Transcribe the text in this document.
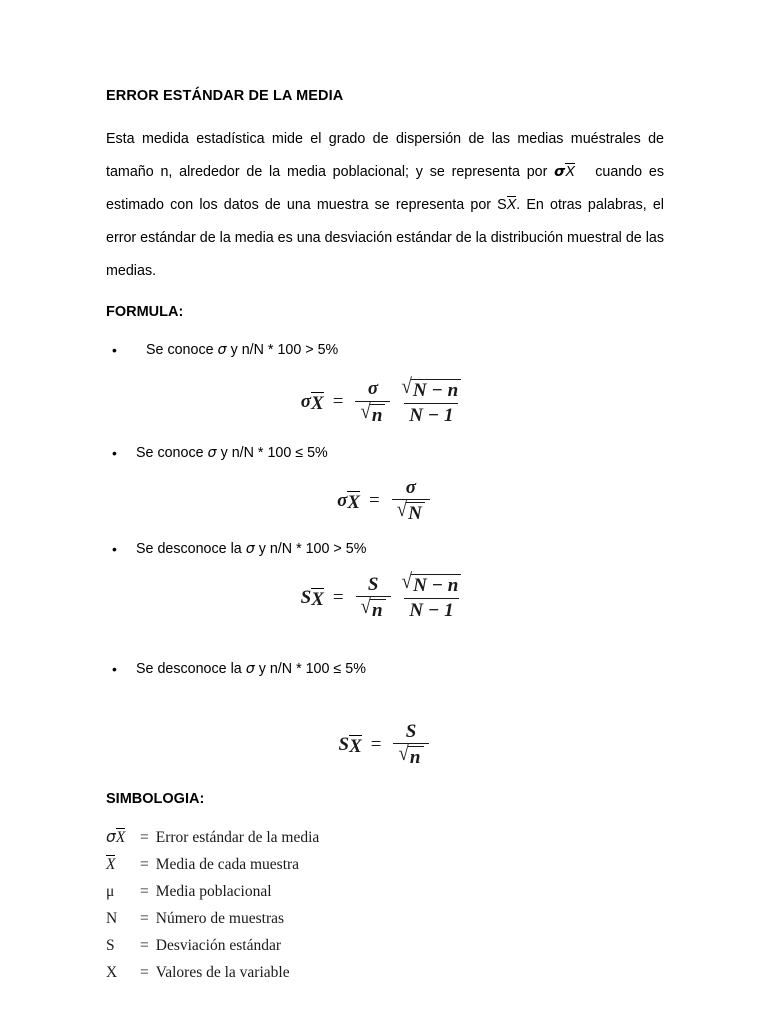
ERROR ESTÁNDAR DE LA MEDIA

Esta medida estadística mide el grado de dispersión de las medias muéstrales de tamaño n, alrededor de la media poblacional; y se representa por σX   cuando es estimado con los datos de una muestra se representa por SX. En otras palabras, el error estándar de la media es una desviación estándar de la distribución muestral de las medias.

FORMULA:
• Se conoce σ y n/N * 100 > 5%
σ $X = \frac{\sigma}{√ n} \frac{√ N - n}{N - 1}$
• Se conoce σ y n/N * 100 ≤ 5%
σ $X = \frac{\sigma}{√ N}$
• Se desconoce la σ y n/N * 100 > 5%
S $X = \frac{S}{√ n} \frac{√ N - n}{N - 1}$
• Se desconoce la σ y n/N * 100 ≤ 5%
S $X = \frac{S}{√ n}$
SIMBOLOGIA:
σX = Error estándar de la media
X	= Media de cada muestra
μ	= Media poblacional
N	= Número de muestras
S	= Desviación estándar
X	= Valores de la variable
